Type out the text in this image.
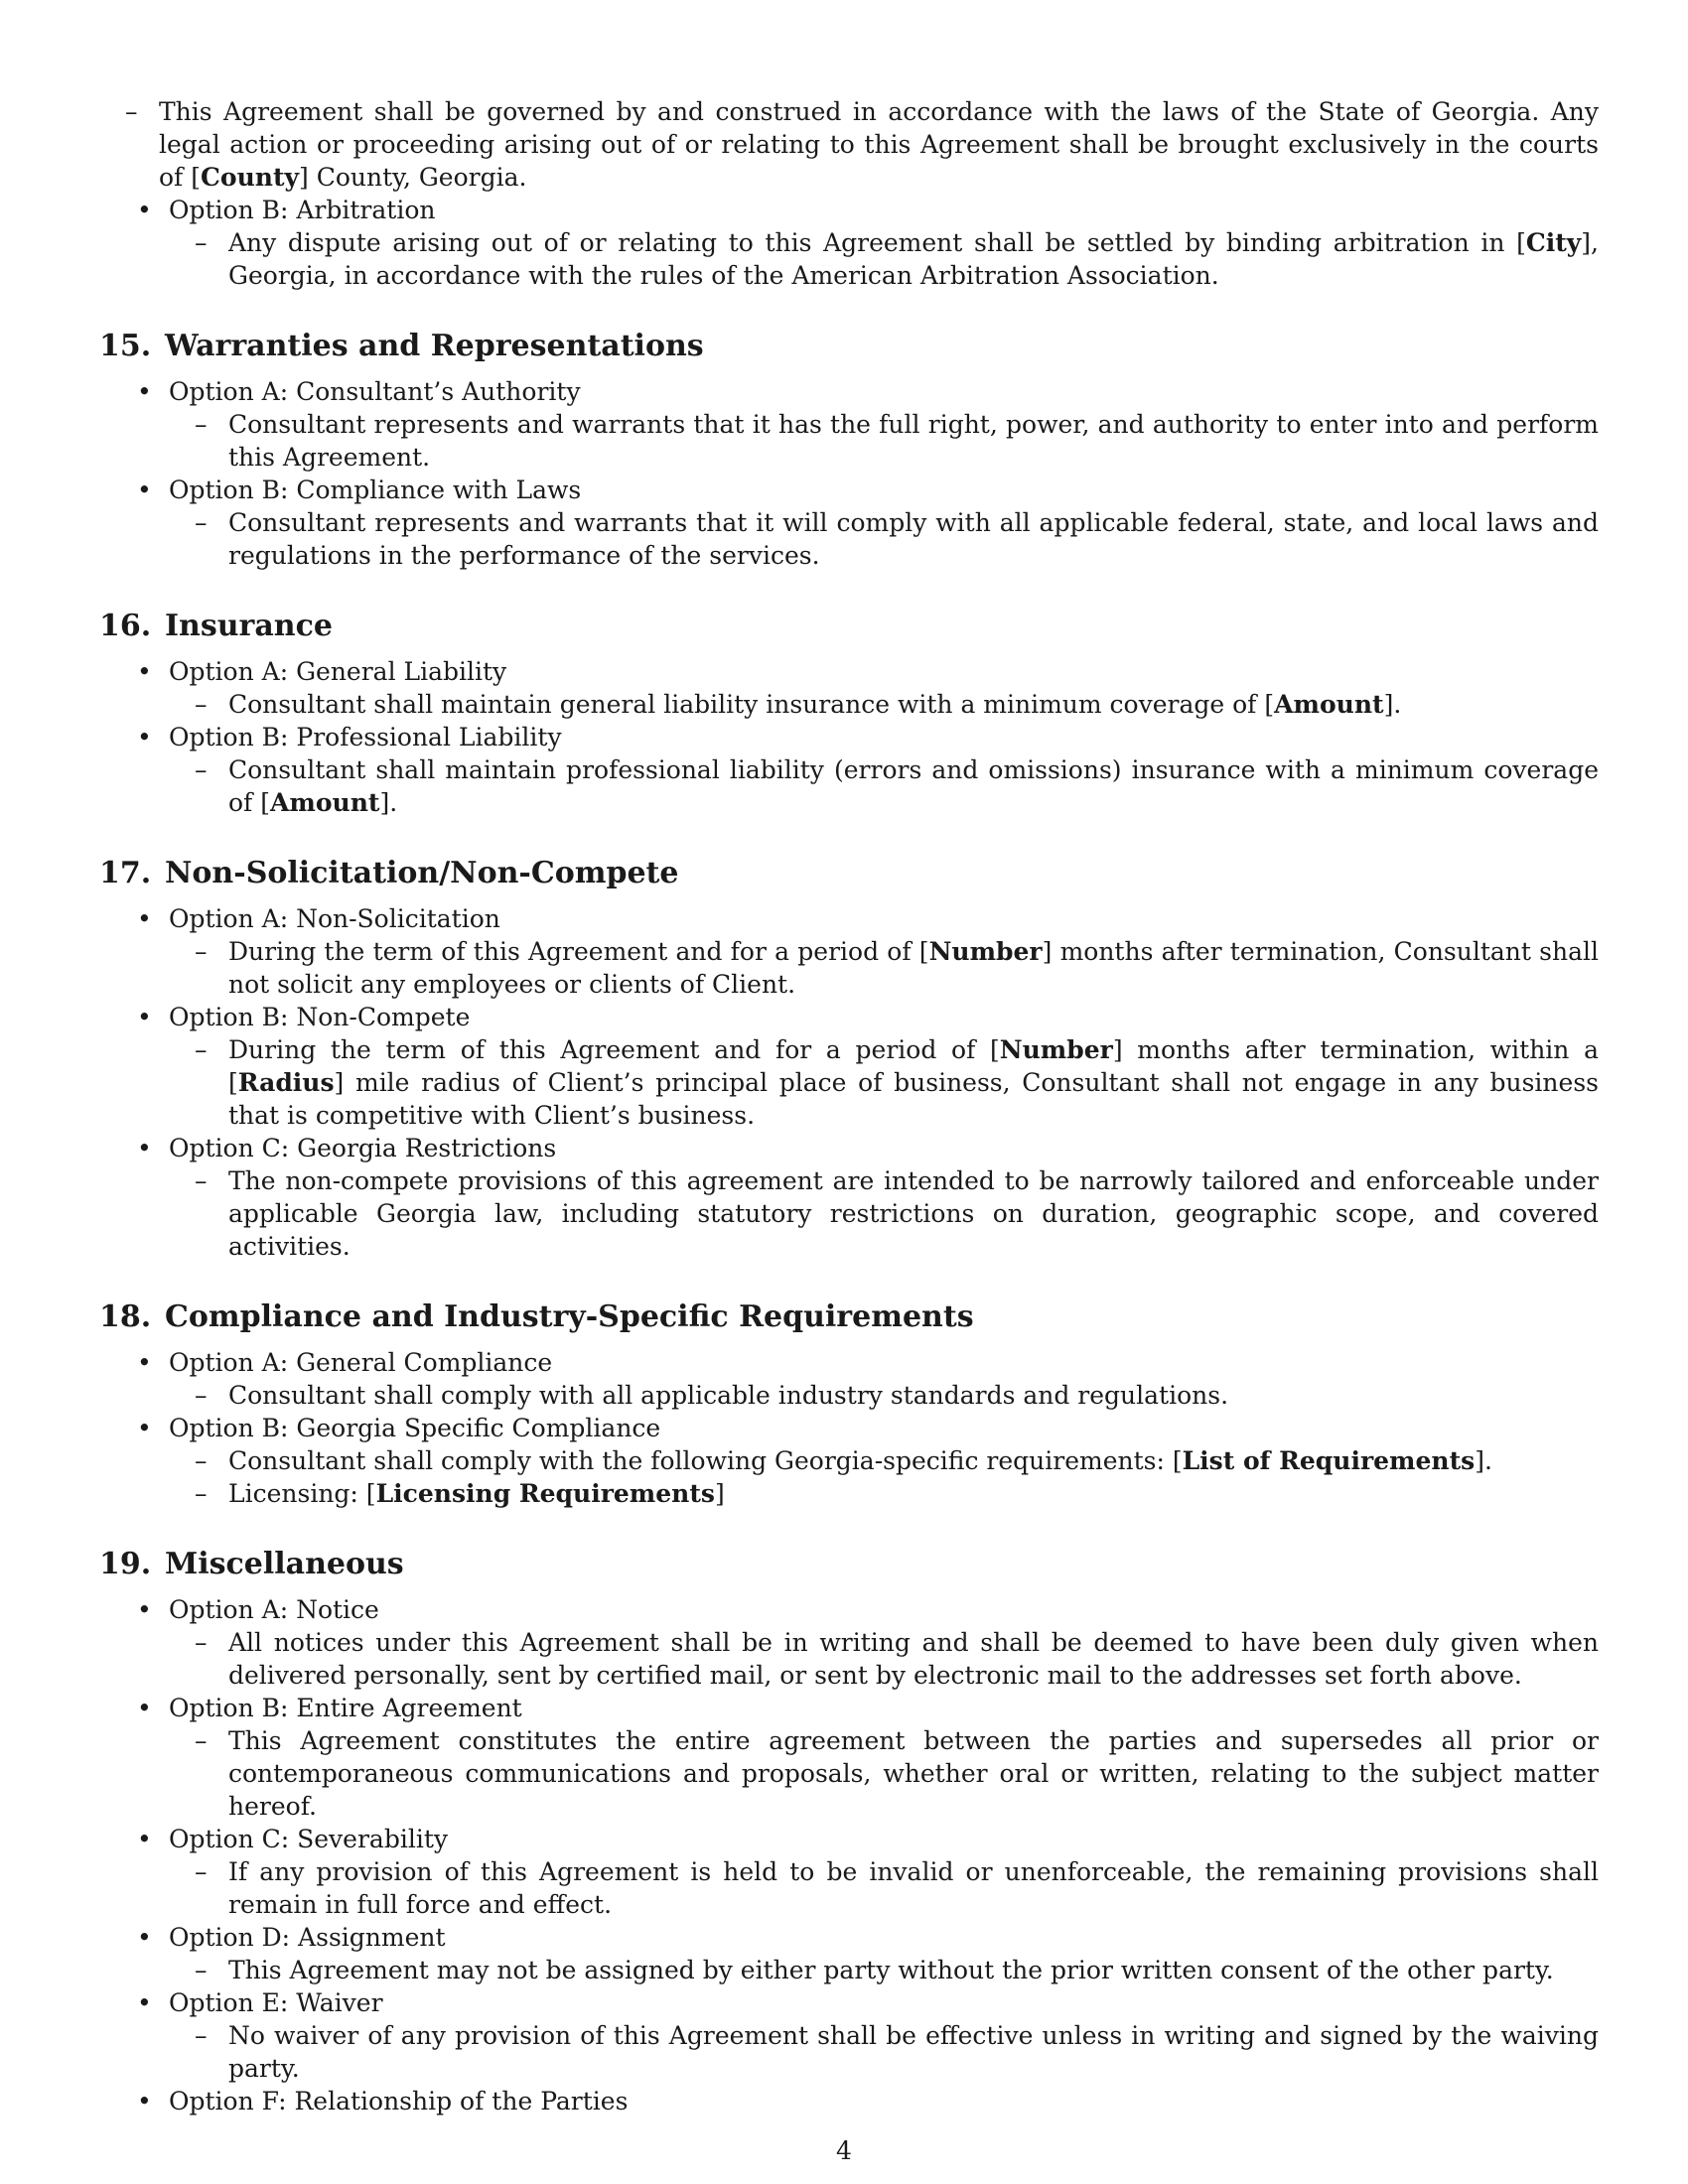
– This Agreement shall be governed by and construed in accordance with the laws of the State of Georgia. Any legal action or proceeding arising out of or relating to this Agreement shall be brought exclusively in the courts of [County] County, Georgia.
• Option B: Arbitration
– Any dispute arising out of or relating to this Agreement shall be settled by binding arbitration in [City], Georgia, in accordance with the rules of the American Arbitration Association.
15. Warranties and Representations
• Option A: Consultant’s Authority
– Consultant represents and warrants that it has the full right, power, and authority to enter into and perform this Agreement.
• Option B: Compliance with Laws
– Consultant represents and warrants that it will comply with all applicable federal, state, and local laws and regulations in the performance of the services.
16. Insurance
• Option A: General Liability
– Consultant shall maintain general liability insurance with a minimum coverage of [Amount].
• Option B: Professional Liability
– Consultant shall maintain professional liability (errors and omissions) insurance with a minimum coverage of [Amount].
17. Non-Solicitation/Non-Compete
• Option A: Non-Solicitation
– During the term of this Agreement and for a period of [Number] months after termination, Consultant shall not solicit any employees or clients of Client.
• Option B: Non-Compete
– During the term of this Agreement and for a period of [Number] months after termination, within a [Radius] mile radius of Client’s principal place of business, Consultant shall not engage in any business that is competitive with Client’s business.
• Option C: Georgia Restrictions
– The non-compete provisions of this agreement are intended to be narrowly tailored and enforceable under applicable Georgia law, including statutory restrictions on duration, geographic scope, and covered activities.
18. Compliance and Industry-Specific Requirements
• Option A: General Compliance
– Consultant shall comply with all applicable industry standards and regulations.
• Option B: Georgia Specific Compliance
– Consultant shall comply with the following Georgia-specific requirements: [List of Requirements].
– Licensing: [Licensing Requirements]
19. Miscellaneous
• Option A: Notice
– All notices under this Agreement shall be in writing and shall be deemed to have been duly given when delivered personally, sent by certified mail, or sent by electronic mail to the addresses set forth above.
• Option B: Entire Agreement
– This Agreement constitutes the entire agreement between the parties and supersedes all prior or contemporaneous communications and proposals, whether oral or written, relating to the subject matter hereof.
• Option C: Severability
– If any provision of this Agreement is held to be invalid or unenforceable, the remaining provisions shall remain in full force and effect.
• Option D: Assignment
– This Agreement may not be assigned by either party without the prior written consent of the other party.
• Option E: Waiver
– No waiver of any provision of this Agreement shall be effective unless in writing and signed by the waiving party.
• Option F: Relationship of the Parties
4
